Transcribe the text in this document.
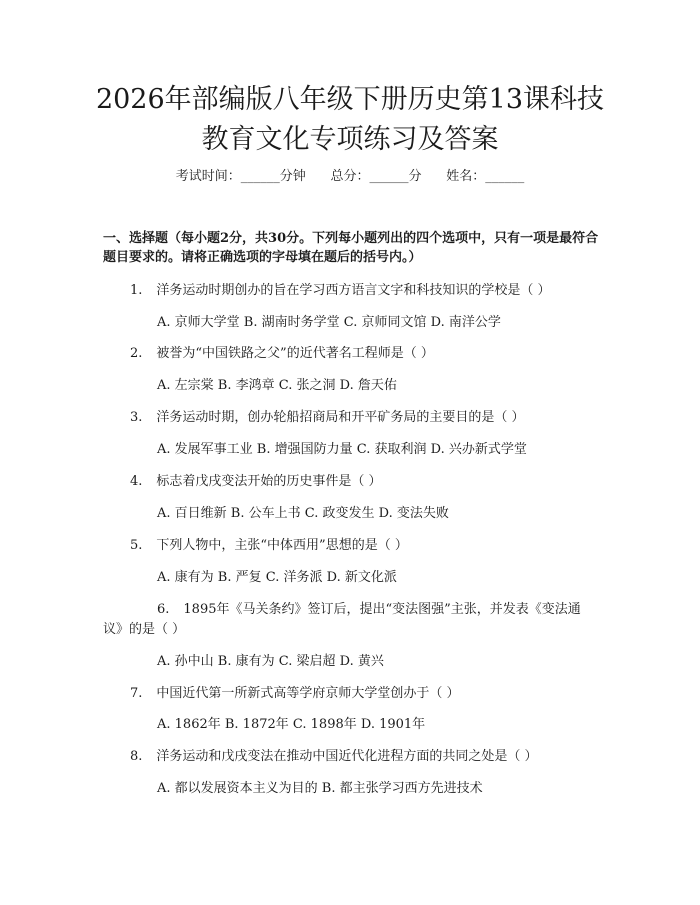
2026年部编版八年级下册历史第13课科技
教育文化专项练习及答案
考试时间：______分钟      总分：______分      姓名：______

一、选择题（每小题2分，共30分。下列每小题列出的四个选项中，只有一项是最符合题目要求的。请将正确选项的字母填在题后的括号内。）

1. 洋务运动时期创办的旨在学习西方语言文字和科技知识的学校是（ ）

A. 京师大学堂 B. 湖南时务学堂 C. 京师同文馆 D. 南洋公学

2. 被誉为“中国铁路之父”的近代著名工程师是（ ）

A. 左宗棠 B. 李鸿章 C. 张之洞 D. 詹天佑

3. 洋务运动时期，创办轮船招商局和开平矿务局的主要目的是（ ）

A. 发展军事工业 B. 增强国防力量 C. 获取利润 D. 兴办新式学堂

4. 标志着戊戌变法开始的历史事件是（ ）

A. 百日维新 B. 公车上书 C. 政变发生 D. 变法失败

5. 下列人物中，主张“中体西用”思想的是（ ）

A. 康有为 B. 严复 C. 洋务派 D. 新文化派

6. 1895年《马关条约》签订后，提出“变法图强”主张，并发表《变法通议》的是（ ）

A. 孙中山 B. 康有为 C. 梁启超 D. 黄兴

7. 中国近代第一所新式高等学府京师大学堂创办于（ ）

A. 1862年 B. 1872年 C. 1898年 D. 1901年

8. 洋务运动和戊戌变法在推动中国近代化进程方面的共同之处是（ ）

A. 都以发展资本主义为目的 B. 都主张学习西方先进技术
